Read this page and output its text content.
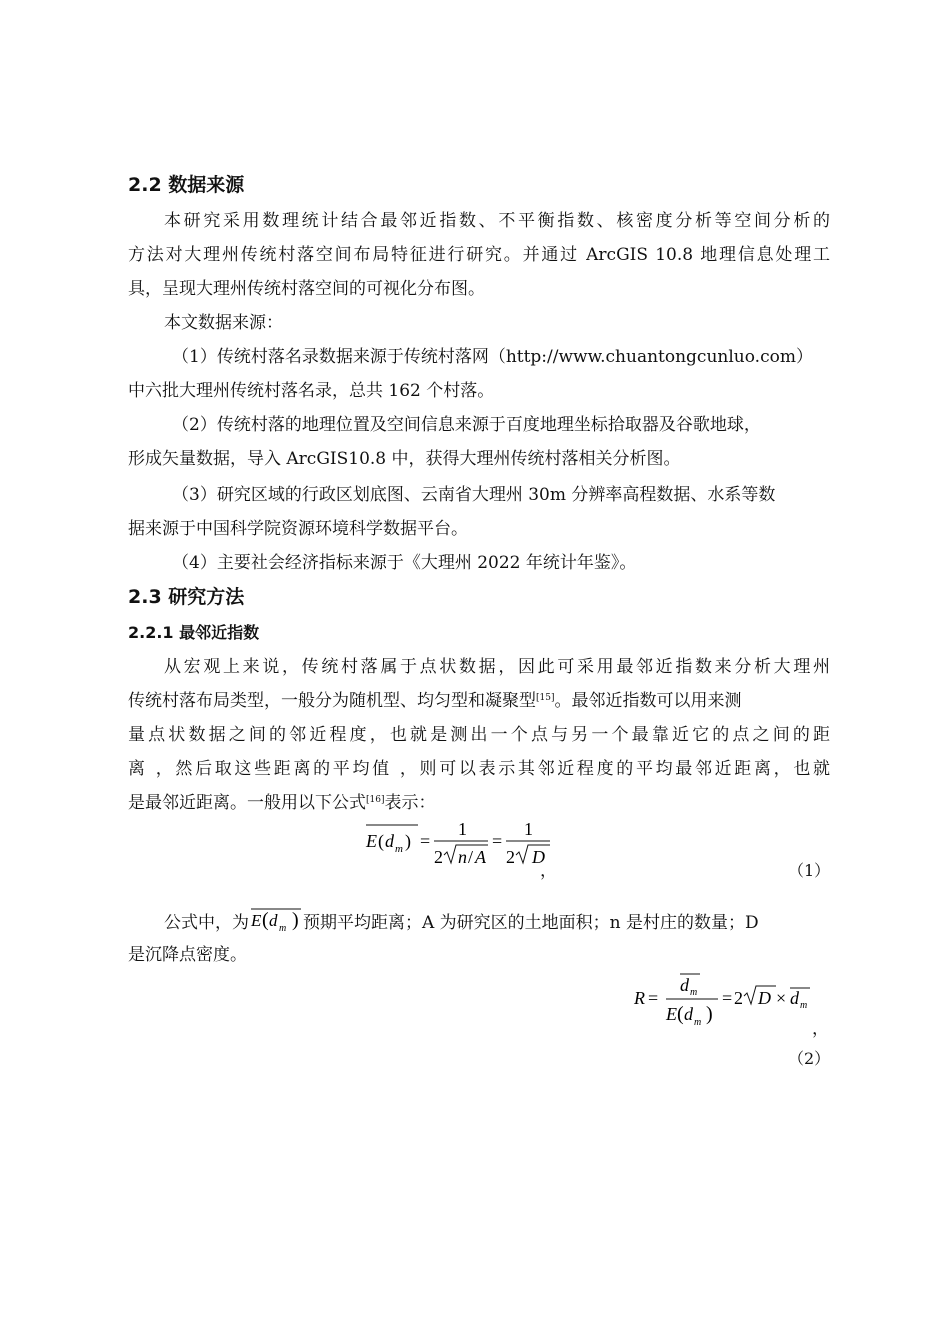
2.2 数据来源
本研究采用数理统计结合最邻近指数、不平衡指数、核密度分析等空间分析的
方法对大理州传统村落空间布局特征进行研究。并通过 ArcGIS 10.8 地理信息处理工
具，呈现大理州传统村落空间的可视化分布图。
本文数据来源：
（1）传统村落名录数据来源于传统村落网（http://www.chuantongcunluo.com）
中六批大理州传统村落名录，总共 162 个村落。
（2）传统村落的地理位置及空间信息来源于百度地理坐标拾取器及谷歌地球，
形成矢量数据，导入 ArcGIS10.8 中，获得大理州传统村落相关分析图。
（3）研究区域的行政区划底图、云南省大理州 30m 分辨率高程数据、水系等数
据来源于中国科学院资源环境科学数据平台。
（4）主要社会经济指标来源于《大理州 2022 年统计年鉴》。
2.3 研究方法
2.2.1 最邻近指数
从宏观上来说，传统村落属于点状数据，因此可采用最邻近指数来分析大理州
传统村落布局类型，一般分为随机型、均匀型和凝聚型[15]。最邻近指数可以用来测
量点状数据之间的邻近程度，也就是测出一个点与另一个最靠近它的点之间的距
离 ，然后取这些距离的平均值 ，则可以表示其邻近程度的平均最邻近距离，也就
是最邻近距离。一般用以下公式[16]表示：
E ( d m ) =
1
2 n / A
=
1
2 D
，	（1）
公式中，为 E ( d m ) 预期平均距离；A 为研究区的土地面积；n 是村庄的数量；D
是沉降点密度。
R =
d m
E ( d m )
= 2 D × d m
，
（2）
